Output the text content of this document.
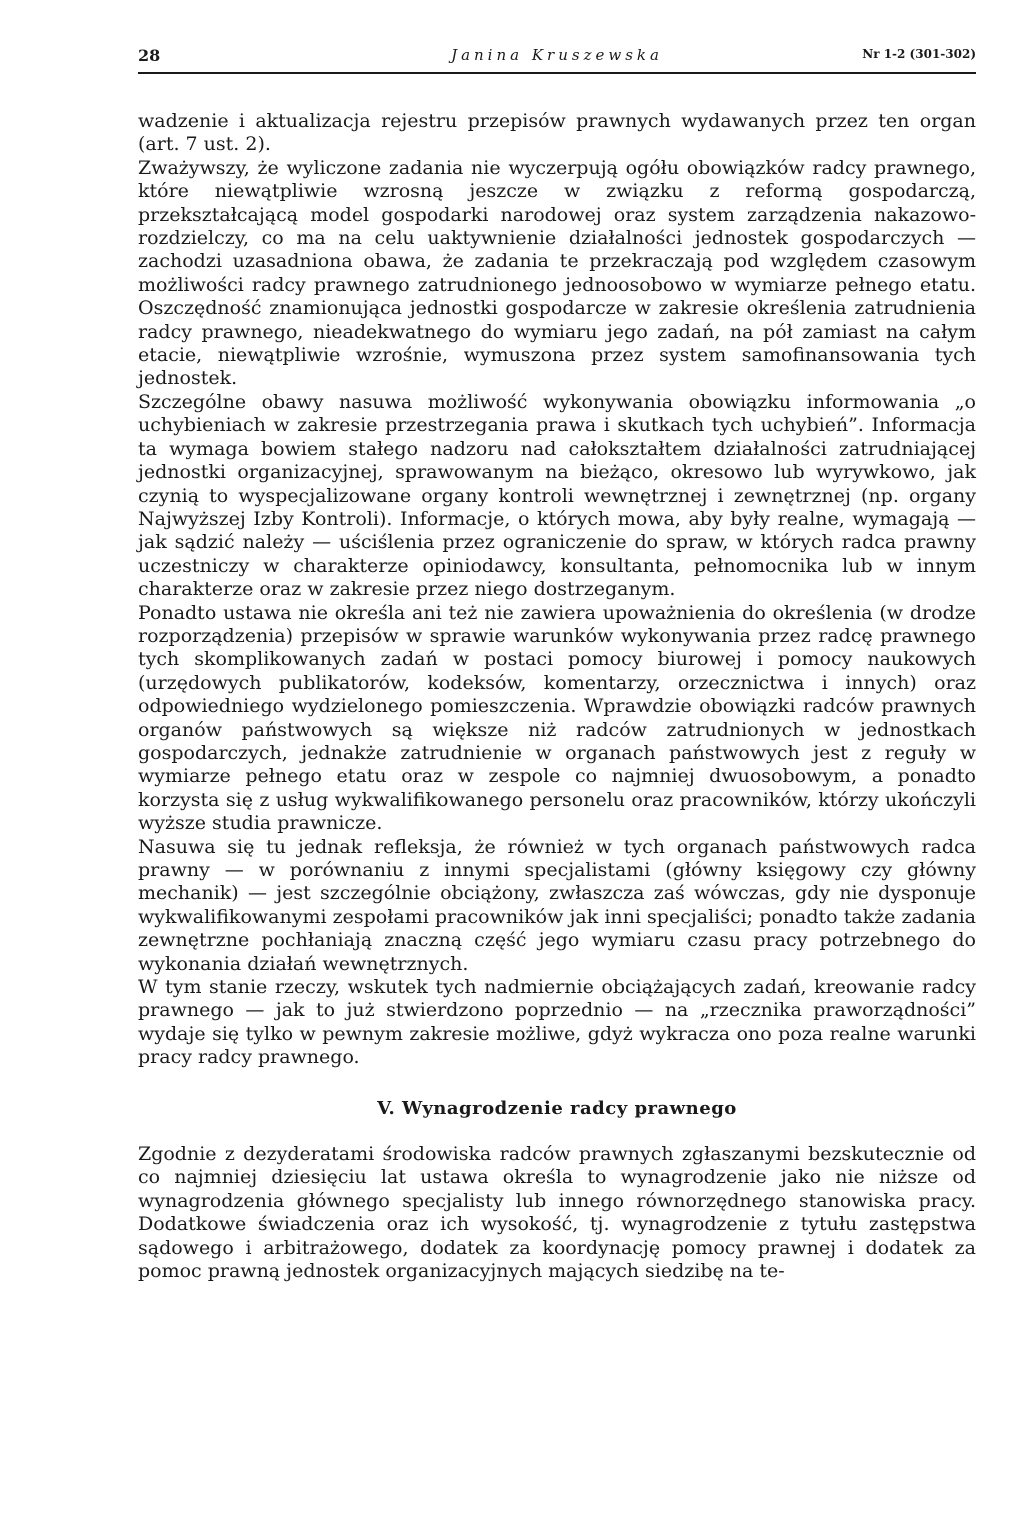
28	Janina Kruszewska	Nr 1-2 (301-302)

wadzenie i aktualizacja rejestru przepisów prawnych wydawanych przez ten organ (art. 7 ust. 2).

Zważywszy, że wyliczone zadania nie wyczerpują ogółu obowiązków radcy prawnego, które niewątpliwie wzrosną jeszcze w związku z reformą gospodarczą, przekształcającą model gospodarki narodowej oraz system zarządzenia nakazowo-rozdzielczy, co ma na celu uaktywnienie działalności jednostek gospodarczych — zachodzi uzasadniona obawa, że zadania te przekraczają pod względem czasowym możliwości radcy prawnego zatrudnionego jednoosobowo w wymiarze pełnego etatu. Oszczędność znamionująca jednostki gospodarcze w zakresie określenia zatrudnienia radcy prawnego, nieadekwatnego do wymiaru jego zadań, na pół zamiast na całym etacie, niewątpliwie wzrośnie, wymuszona przez system samofinansowania tych jednostek.

Szczególne obawy nasuwa możliwość wykonywania obowiązku informowania „o uchybieniach w zakresie przestrzegania prawa i skutkach tych uchybień”. Informacja ta wymaga bowiem stałego nadzoru nad całokształtem działalności zatrudniającej jednostki organizacyjnej, sprawowanym na bieżąco, okresowo lub wyrywkowo, jak czynią to wyspecjalizowane organy kontroli wewnętrznej i zewnętrznej (np. organy Najwyższej Izby Kontroli). Informacje, o których mowa, aby były realne, wymagają — jak sądzić należy — uściślenia przez ograniczenie do spraw, w których radca prawny uczestniczy w charakterze opiniodawcy, konsultanta, pełnomocnika lub w innym charakterze oraz w zakresie przez niego dostrzeganym.

Ponadto ustawa nie określa ani też nie zawiera upoważnienia do określenia (w drodze rozporządzenia) przepisów w sprawie warunków wykonywania przez radcę prawnego tych skomplikowanych zadań w postaci pomocy biurowej i pomocy naukowych (urzędowych publikatorów, kodeksów, komentarzy, orzecznictwa i innych) oraz odpowiedniego wydzielonego pomieszczenia. Wprawdzie obowiązki radców prawnych organów państwowych są większe niż radców zatrudnionych w jednostkach gospodarczych, jednakże zatrudnienie w organach państwowych jest z reguły w wymiarze pełnego etatu oraz w zespole co najmniej dwuosobowym, a ponadto korzysta się z usług wykwalifikowanego personelu oraz pracowników, którzy ukończyli wyższe studia prawnicze.

Nasuwa się tu jednak refleksja, że również w tych organach państwowych radca prawny — w porównaniu z innymi specjalistami (główny księgowy czy główny mechanik) — jest szczególnie obciążony, zwłaszcza zaś wówczas, gdy nie dysponuje wykwalifikowanymi zespołami pracowników jak inni specjaliści; ponadto także zadania zewnętrzne pochłaniają znaczną część jego wymiaru czasu pracy potrzebnego do wykonania działań wewnętrznych.

W tym stanie rzeczy, wskutek tych nadmiernie obciążających zadań, kreowanie radcy prawnego — jak to już stwierdzono poprzednio — na „rzecznika praworządności” wydaje się tylko w pewnym zakresie możliwe, gdyż wykracza ono poza realne warunki pracy radcy prawnego.

V. Wynagrodzenie radcy prawnego

Zgodnie z dezyderatami środowiska radców prawnych zgłaszanymi bezskutecznie od co najmniej dziesięciu lat ustawa określa to wynagrodzenie jako nie niższe od wynagrodzenia głównego specjalisty lub innego równorzędnego stanowiska pracy. Dodatkowe świadczenia oraz ich wysokość, tj. wynagrodzenie z tytułu zastępstwa sądowego i arbitrażowego, dodatek za koordynację pomocy prawnej i dodatek za pomoc prawną jednostek organizacyjnych mających siedzibę na te-
